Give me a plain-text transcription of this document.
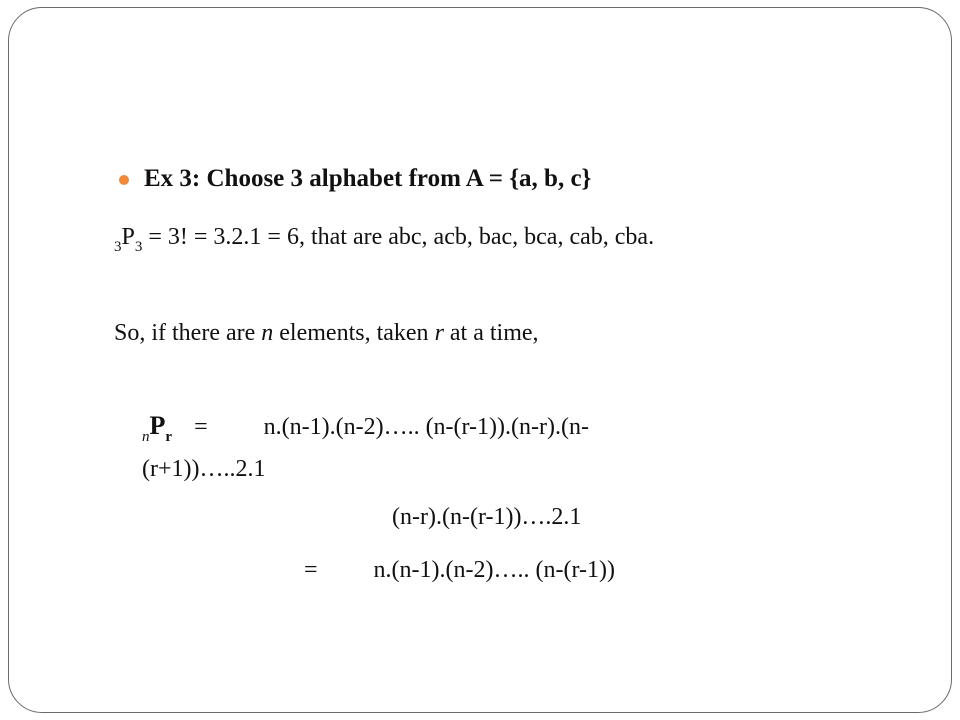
Ex 3: Choose 3 alphabet from A = {a, b, c}
$_3P_3 = 3$! = 3.2.1 = 6, that are abc, acb, bac, bca, cab, cba.
So, if there are n elements, taken r at a time,
$_nP_r$ = n.(n-1).(n-2)….. (n-(r-1)).(n-r).(n-
(r+1))…..2.1
(n-r).(n-(r-1))….2.1
= n.(n-1).(n-2)….. (n-(r-1))
